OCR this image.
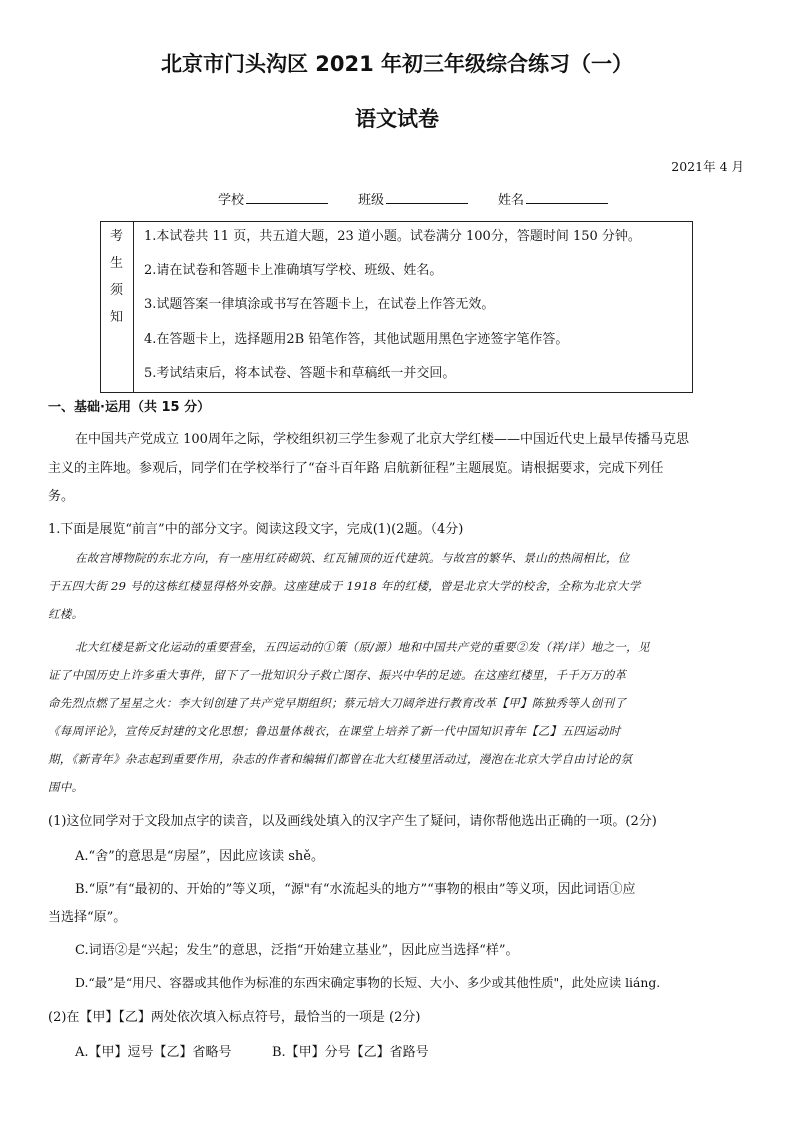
北京市门头沟区 2021 年初三年级综合练习（一）
语文试卷
2021年 4 月
学校	班级	姓名
考
生
须
知
1.本试卷共 11 页，共五道大题，23 道小题。试卷满分 100分，答题时间 150 分钟。
2.请在试卷和答题卡上准确填写学校、班级、姓名。
3.试题答案一律填涂或书写在答题卡上，在试卷上作答无效。
4.在答题卡上，选择题用2B 铅笔作答，其他试题用黑色字迹签字笔作答。
5.考试结束后，将本试卷、答题卡和草稿纸一并交回。
一、基础·运用（共 15 分）
在中国共产党成立 100周年之际，学校组织初三学生参观了北京大学红楼——中国近代史上最早传播马克思
主义的主阵地。参观后，同学们在学校举行了“奋斗百年路 启航新征程”主题展览。请根据要求，完成下列任
务。
1.下面是展览“前言”中的部分文字。阅读这段文字，完成(1)(2题。（4分)
在故宫博物院的东北方向，有一座用红砖砌筑、红瓦铺顶的近代建筑。与故宫的繁华、景山的热闹相比，位
于五四大街 29 号的这栋红楼显得格外安静。这座建成于 1918 年的红楼，曾是北京大学的校舍，全称为北京大学
红楼。
北大红楼是新文化运动的重要营垒，五四运动的①策（原/源）地和中国共产党的重要②发（祥/详）地之一，见
证了中国历史上许多重大事件，留下了一批知识分子救亡图存、振兴中华的足迹。在这座红楼里，千千万万的革
命先烈点燃了星星之火：李大钊创建了共产党早期组织；蔡元培大刀阔斧进行教育改革【甲】陈独秀等人创刊了
《每周评论》，宣传反封建的文化思想；鲁迅量体裁衣，在课堂上培养了新一代中国知识青年【乙】五四运动时
期，《新青年》杂志起到重要作用，杂志的作者和编辑们都曾在北大红楼里活动过，漫泡在北京大学自由讨论的氛
围中。
(1)这位同学对于文段加点字的读音，以及画线处填入的汉字产生了疑问，请你帮他选出正确的一项。(2分)
A.“舍”的意思是“房屋”，因此应该读 shě。
B.“原”有“最初的、开始的”等义项，“源"有“水流起头的地方”“事物的根由”等义项，因此词语①应
当选择“原”。
C.词语②是“兴起；发生”的意思，泛指“开始建立基业”，因此应当选择“样”。
D.“最”是“用尺、容器或其他作为标准的东西宋确定事物的长短、大小、多少或其他性质"，此处应读 liáng.
(2)在【甲】【乙】两处依次填入标点符号，最恰当的一项是 (2分)
A.【甲】逗号【乙】省略号	B.【甲】分号【乙】省路号
